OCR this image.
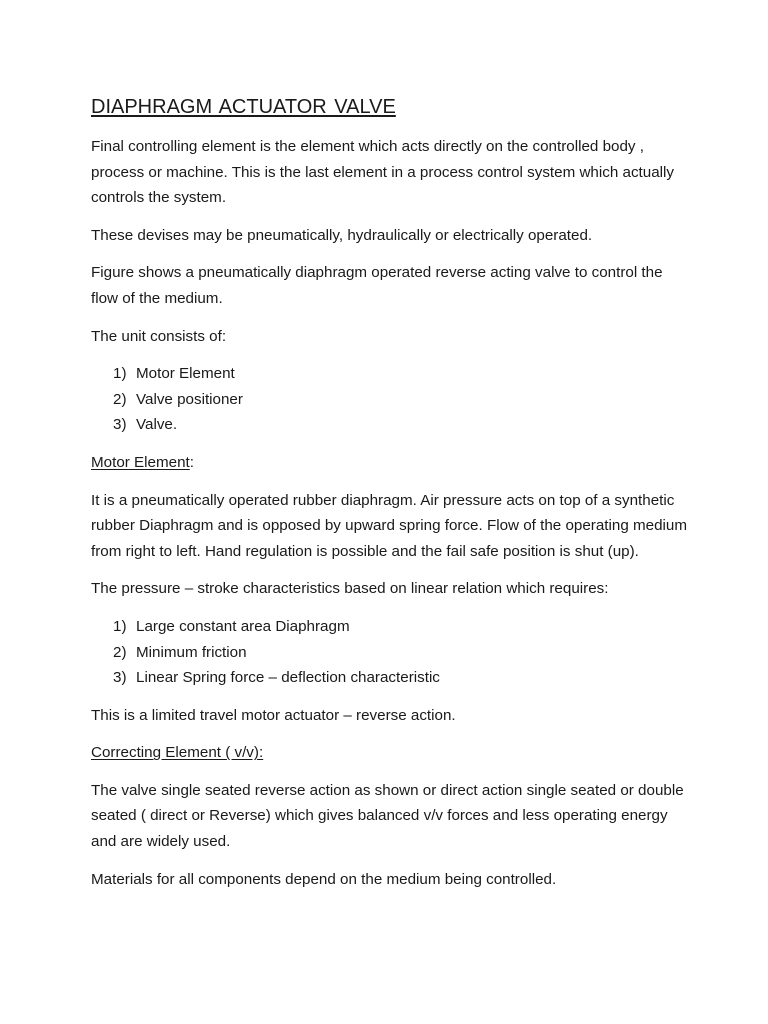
DIAPHRAGM ACTUATOR VALVE

Final controlling element is the element which acts directly on the controlled body , process or machine. This is the last element in a process control system which actually controls the system.

These devises may be pneumatically, hydraulically or electrically operated.

Figure shows a pneumatically diaphragm operated reverse acting valve to control the flow of the medium.

The unit consists of:

1) Motor Element
2) Valve positioner
3) Valve.

Motor Element:

It is a pneumatically operated rubber diaphragm. Air pressure acts on top of a synthetic rubber Diaphragm and is opposed by upward spring force. Flow of the operating medium from right to left. Hand regulation is possible and the fail safe position is shut (up).

The pressure – stroke characteristics based on linear relation which requires:

1) Large constant area Diaphragm
2) Minimum friction
3) Linear Spring force – deflection characteristic

This is a limited travel motor actuator – reverse action.

Correcting Element ( v/v):

The valve single seated reverse action as shown or direct action single seated or double seated ( direct or Reverse) which gives balanced v/v forces and less operating energy and are widely used.

Materials for all components depend on the medium being controlled.
